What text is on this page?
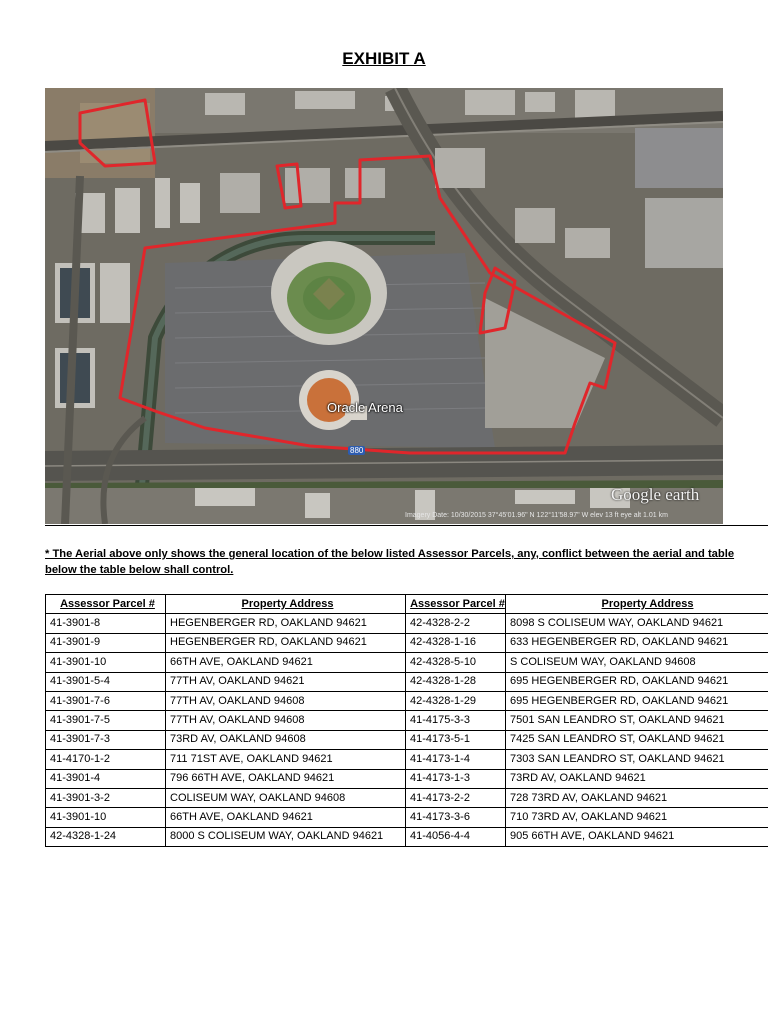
EXHIBIT A
Oracle Arena
880
Google earth
Imagery Date: 10/30/2015 37°45'01.96" N 122°11'58.97" W elev 13 ft eye alt 1.01 km
* The Aerial above only shows the general location of the below listed Assessor Parcels, any, conflict between the aerial and table below the table below shall control.
Assessor Parcel #	Property Address	Assessor Parcel #	Property Address
41-3901-8	HEGENBERGER RD, OAKLAND 94621	42-4328-2-2	8098 S COLISEUM WAY, OAKLAND 94621
41-3901-9	HEGENBERGER RD, OAKLAND 94621	42-4328-1-16	633 HEGENBERGER RD, OAKLAND 94621
41-3901-10	66TH AVE, OAKLAND 94621	42-4328-5-10	S COLISEUM WAY, OAKLAND 94608
41-3901-5-4	77TH AV, OAKLAND 94621	42-4328-1-28	695 HEGENBERGER RD, OAKLAND 94621
41-3901-7-6	77TH AV, OAKLAND 94608	42-4328-1-29	695 HEGENBERGER RD, OAKLAND 94621
41-3901-7-5	77TH AV, OAKLAND 94608	41-4175-3-3	7501 SAN LEANDRO ST, OAKLAND 94621
41-3901-7-3	73RD AV, OAKLAND 94608	41-4173-5-1	7425 SAN LEANDRO ST, OAKLAND 94621
41-4170-1-2	711 71ST AVE, OAKLAND 94621	41-4173-1-4	7303 SAN LEANDRO ST, OAKLAND 94621
41-3901-4	796 66TH AVE, OAKLAND 94621	41-4173-1-3	73RD AV, OAKLAND 94621
41-3901-3-2	COLISEUM WAY, OAKLAND 94608	41-4173-2-2	728 73RD AV, OAKLAND 94621
41-3901-10	66TH AVE, OAKLAND 94621	41-4173-3-6	710 73RD AV, OAKLAND 94621
42-4328-1-24	8000 S COLISEUM WAY, OAKLAND 94621	41-4056-4-4	905 66TH AVE, OAKLAND 94621
